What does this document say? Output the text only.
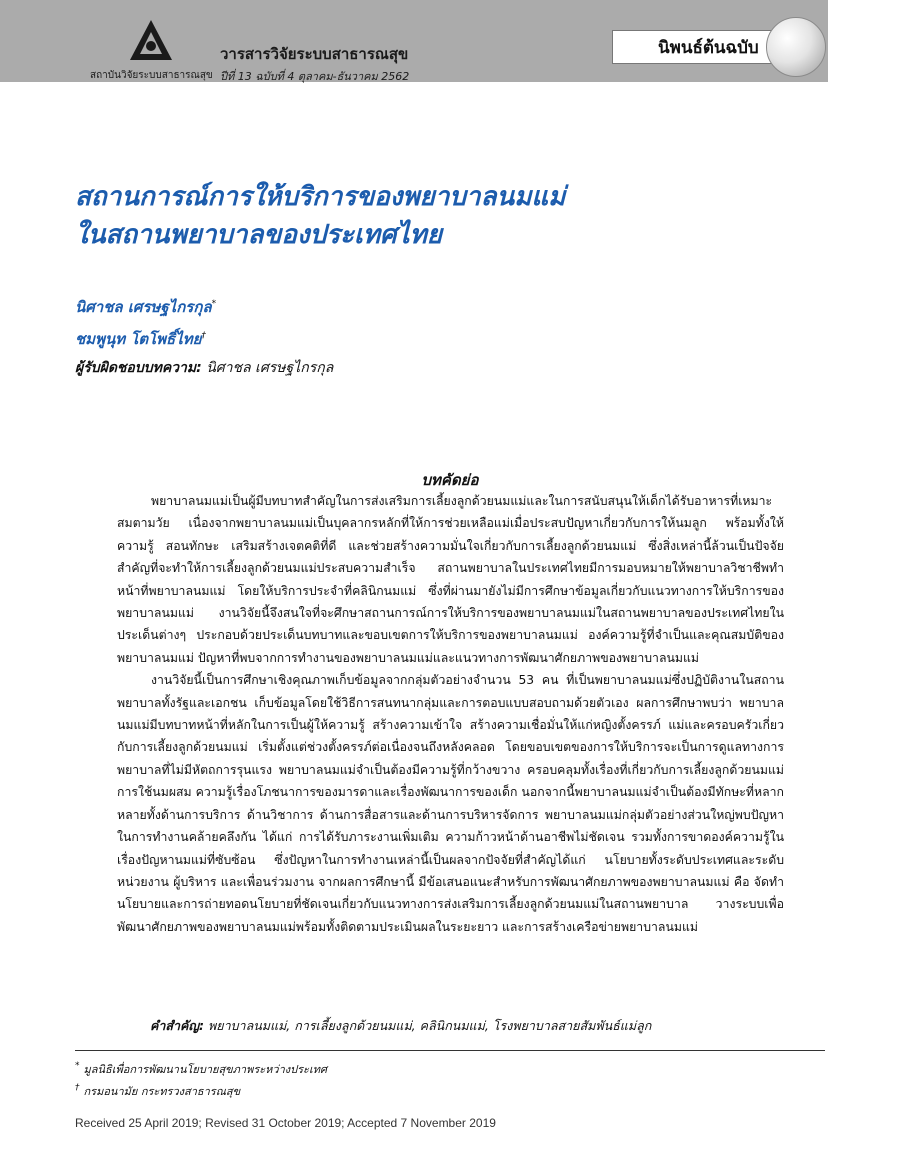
วารสารวิจัยระบบสาธารณสุข
สถาบันวิจัยระบบสาธารณสุข ปีที่ 13 ฉบับที่ 4 ตุลาคม-ธันวาคม 2562
นิพนธ์ต้นฉบับ
สถานการณ์การให้บริการของพยาบาลนมแม่
ในสถานพยาบาลของประเทศไทย
นิศาชล เศรษฐไกรกุล*
ชมพูนุท โตโพธิ์ไทย†
ผู้รับผิดชอบบทความ: นิศาชล เศรษฐไกรกุล
บทคัดย่อ

พยาบาลนมแม่เป็นผู้มีบทบาทสำคัญในการส่งเสริมการเลี้ยงลูกด้วยนมแม่และในการสนับสนุนให้เด็กได้รับอาหารที่เหมาะสมตามวัย เนื่องจากพยาบาลนมแม่เป็นบุคลากรหลักที่ให้การช่วยเหลือแม่เมื่อประสบปัญหาเกี่ยวกับการให้นมลูก พร้อมทั้งให้ความรู้ สอนทักษะ เสริมสร้างเจตคติที่ดี และช่วยสร้างความมั่นใจเกี่ยวกับการเลี้ยงลูกด้วยนมแม่ ซึ่งสิ่งเหล่านี้ล้วนเป็นปัจจัยสำคัญที่จะทำให้การเลี้ยงลูกด้วยนมแม่ประสบความสำเร็จ สถานพยาบาลในประเทศไทยมีการมอบหมายให้พยาบาลวิชาชีพทำหน้าที่พยาบาลนมแม่ โดยให้บริการประจำที่คลินิกนมแม่ ซึ่งที่ผ่านมายังไม่มีการศึกษาข้อมูลเกี่ยวกับแนวทางการให้บริการของพยาบาลนมแม่ งานวิจัยนี้จึงสนใจที่จะศึกษาสถานการณ์การให้บริการของพยาบาลนมแม่ในสถานพยาบาลของประเทศไทยในประเด็นต่างๆ ประกอบด้วยประเด็นบทบาทและขอบเขตการให้บริการของพยาบาลนมแม่ องค์ความรู้ที่จำเป็นและคุณสมบัติของพยาบาลนมแม่ ปัญหาที่พบจากการทำงานของพยาบาลนมแม่และแนวทางการพัฒนาศักยภาพของพยาบาลนมแม่

งานวิจัยนี้เป็นการศึกษาเชิงคุณภาพเก็บข้อมูลจากกลุ่มตัวอย่างจำนวน 53 คน ที่เป็นพยาบาลนมแม่ซึ่งปฏิบัติงานในสถานพยาบาลทั้งรัฐและเอกชน เก็บข้อมูลโดยใช้วิธีการสนทนากลุ่มและการตอบแบบสอบถามด้วยตัวเอง ผลการศึกษาพบว่า พยาบาลนมแม่มีบทบาทหน้าที่หลักในการเป็นผู้ให้ความรู้ สร้างความเข้าใจ สร้างความเชื่อมั่นให้แก่หญิงตั้งครรภ์ แม่และครอบครัวเกี่ยวกับการเลี้ยงลูกด้วยนมแม่ เริ่มตั้งแต่ช่วงตั้งครรภ์ต่อเนื่องจนถึงหลังคลอด โดยขอบเขตของการให้บริการจะเป็นการดูแลทางการพยาบาลที่ไม่มีหัตถการรุนแรง พยาบาลนมแม่จำเป็นต้องมีความรู้ที่กว้างขวาง ครอบคลุมทั้งเรื่องที่เกี่ยวกับการเลี้ยงลูกด้วยนมแม่ การใช้นมผสม ความรู้เรื่องโภชนาการของมารดาและเรื่องพัฒนาการของเด็ก นอกจากนี้พยาบาลนมแม่จำเป็นต้องมีทักษะที่หลากหลายทั้งด้านการบริการ ด้านวิชาการ ด้านการสื่อสารและด้านการบริหารจัดการ พยาบาลนมแม่กลุ่มตัวอย่างส่วนใหญ่พบปัญหาในการทำงานคล้ายคลึงกัน ได้แก่ การได้รับภาระงานเพิ่มเติม ความก้าวหน้าด้านอาชีพไม่ชัดเจน รวมทั้งการขาดองค์ความรู้ในเรื่องปัญหานมแม่ที่ซับซ้อน ซึ่งปัญหาในการทำงานเหล่านี้เป็นผลจากปัจจัยที่สำคัญได้แก่ นโยบายทั้งระดับประเทศและระดับหน่วยงาน ผู้บริหาร และเพื่อนร่วมงาน จากผลการศึกษานี้ มีข้อเสนอแนะสำหรับการพัฒนาศักยภาพของพยาบาลนมแม่ คือ จัดทำนโยบายและการถ่ายทอดนโยบายที่ชัดเจนเกี่ยวกับแนวทางการส่งเสริมการเลี้ยงลูกด้วยนมแม่ในสถานพยาบาล วางระบบเพื่อพัฒนาศักยภาพของพยาบาลนมแม่พร้อมทั้งติดตามประเมินผลในระยะยาว และการสร้างเครือข่ายพยาบาลนมแม่

คำสำคัญ: พยาบาลนมแม่, การเลี้ยงลูกด้วยนมแม่, คลินิกนมแม่, โรงพยาบาลสายสัมพันธ์แม่ลูก
* มูลนิธิเพื่อการพัฒนานโยบายสุขภาพระหว่างประเทศ
† กรมอนามัย กระทรวงสาธารณสุข
Received 25 April 2019; Revised 31 October 2019; Accepted 7 November 2019
